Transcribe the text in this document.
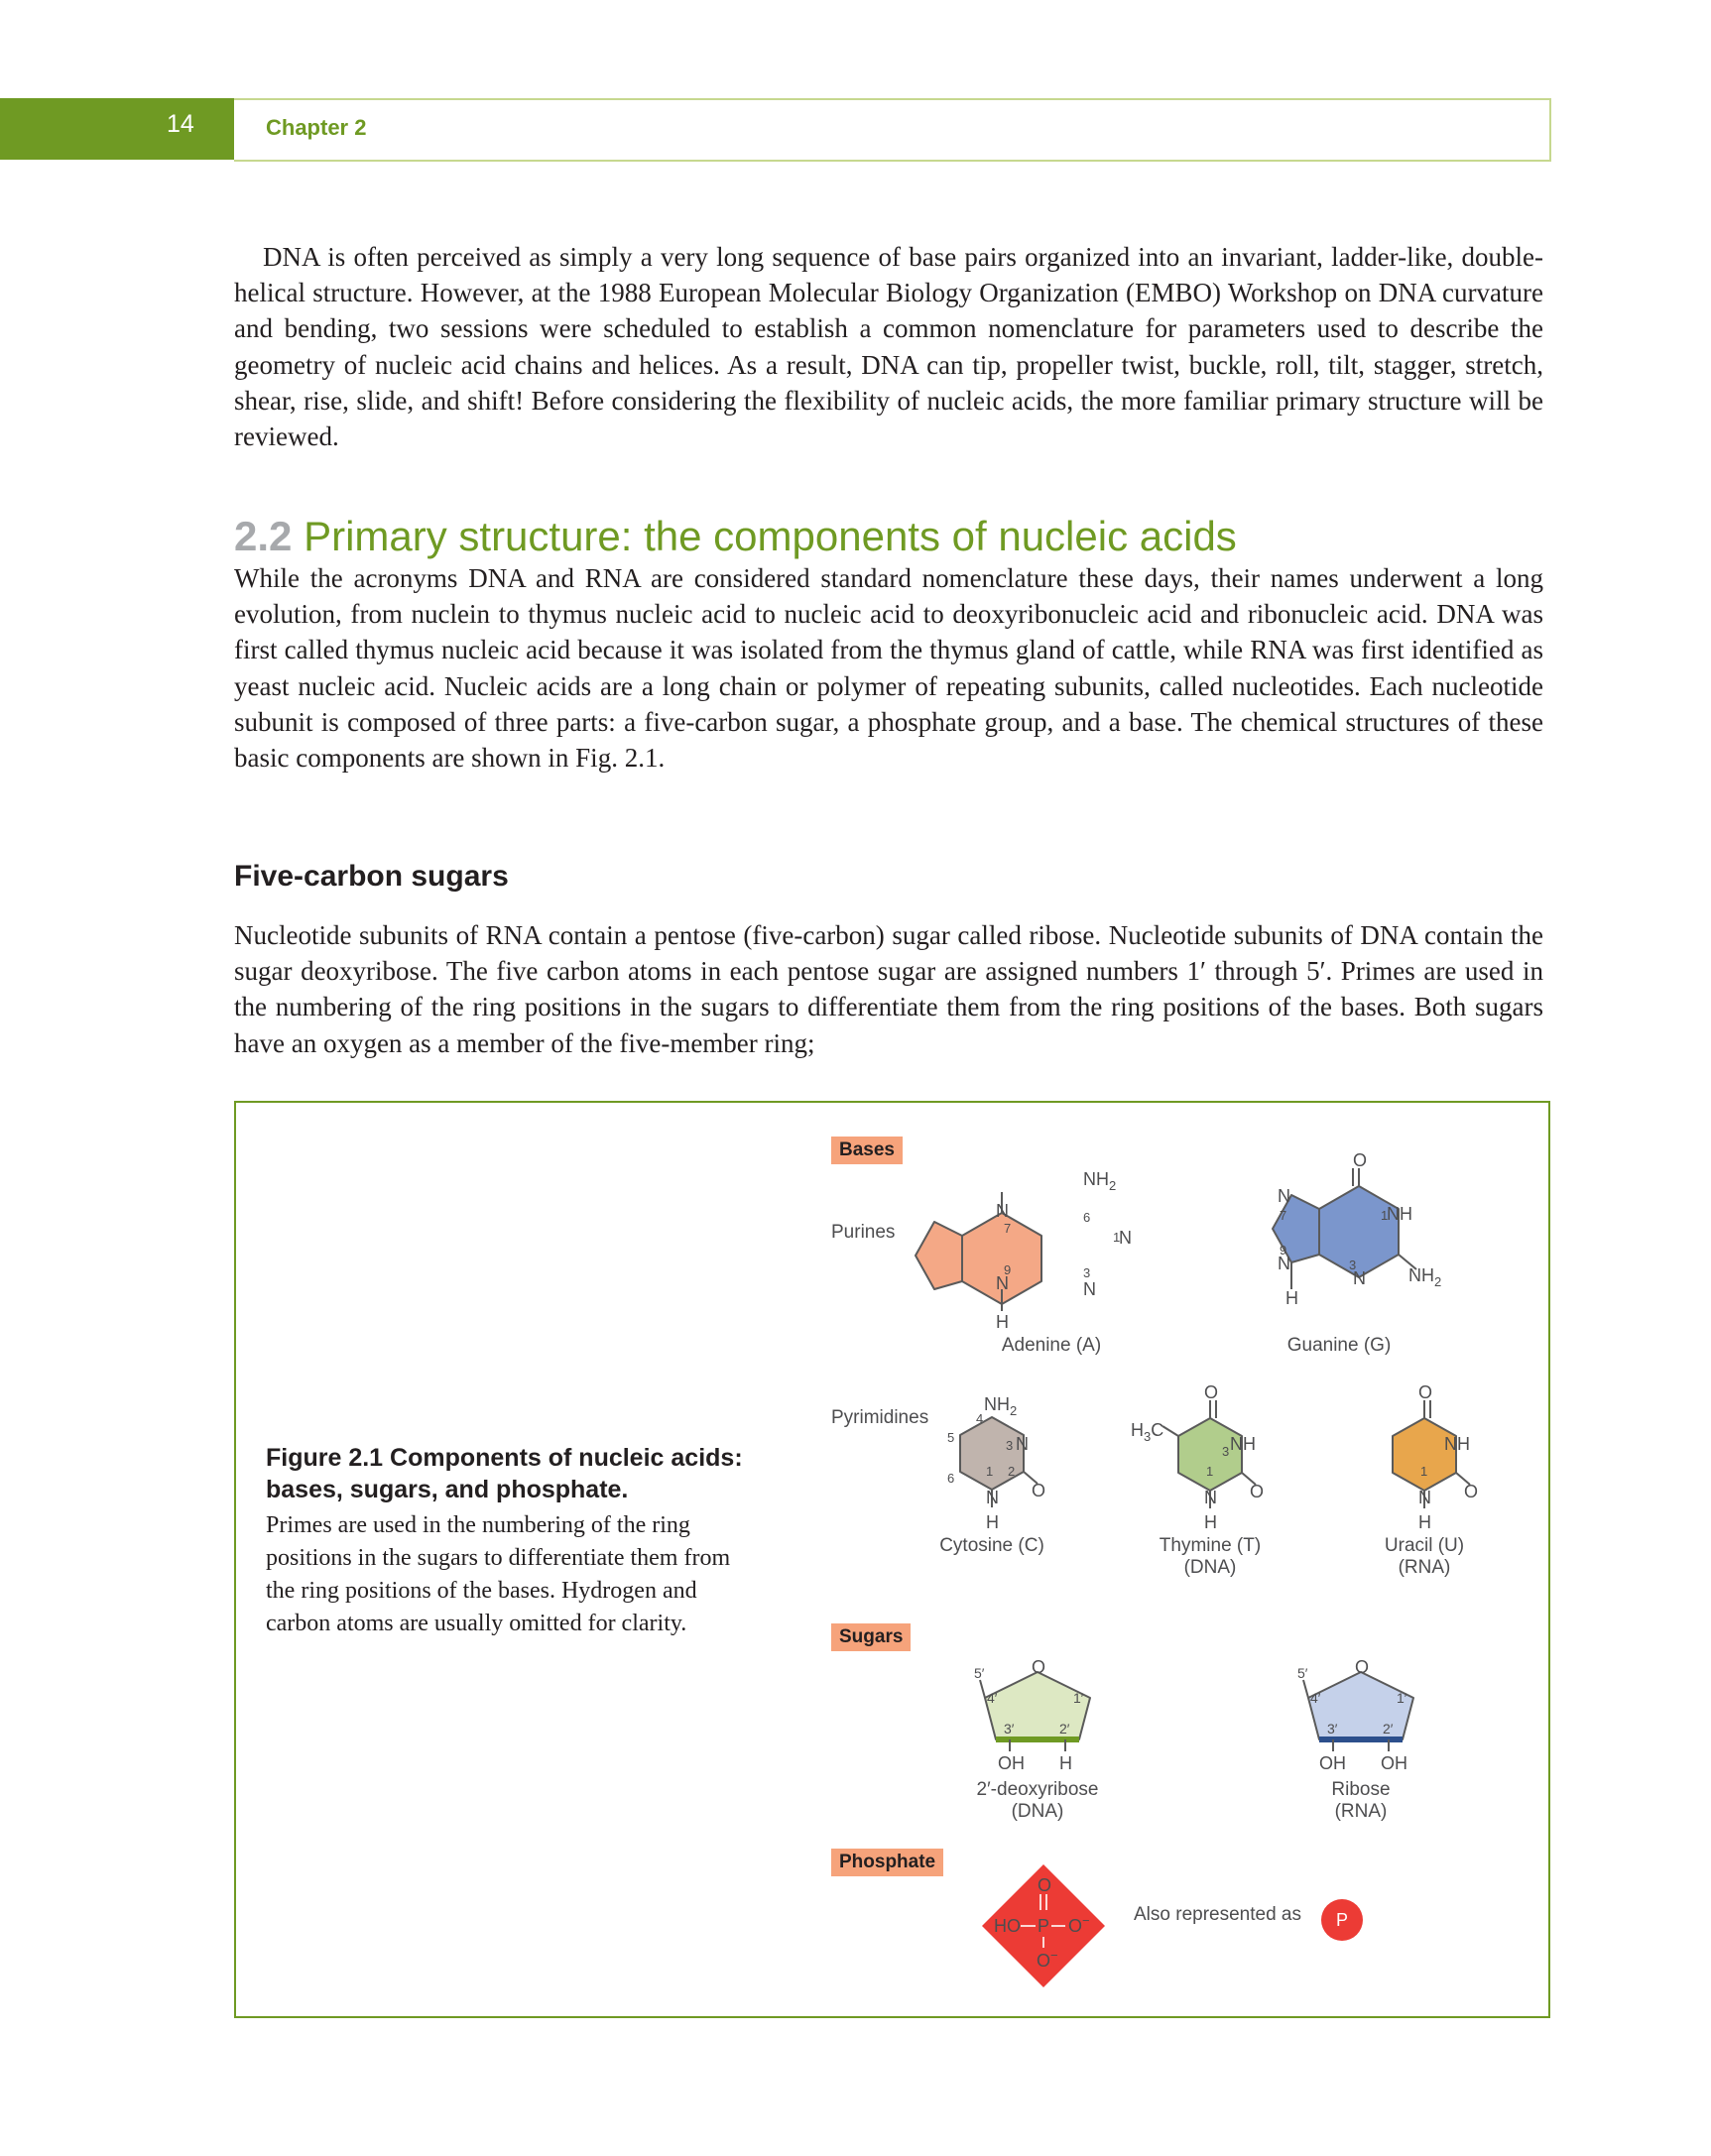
14	Chapter 2

DNA is often perceived as simply a very long sequence of base pairs organized into an invariant, ladder-like, double-helical structure. However, at the 1988 European Molecular Biology Organization (EMBO) Workshop on DNA curvature and bending, two sessions were scheduled to establish a common nomenclature for parameters used to describe the geometry of nucleic acid chains and helices. As a result, DNA can tip, propeller twist, buckle, roll, tilt, stagger, stretch, shear, rise, slide, and shift! Before considering the flexibility of nucleic acids, the more familiar primary structure will be reviewed.

2.2 Primary structure: the components of nucleic acids

While the acronyms DNA and RNA are considered standard nomenclature these days, their names underwent a long evolution, from nuclein to thymus nucleic acid to nucleic acid to deoxyribonucleic acid and ribonucleic acid. DNA was first called thymus nucleic acid because it was isolated from the thymus gland of cattle, while RNA was first identified as yeast nucleic acid. Nucleic acids are a long chain or polymer of repeating subunits, called nucleotides. Each nucleotide subunit is composed of three parts: a five-carbon sugar, a phosphate group, and a base. The chemical structures of these basic components are shown in Fig. 2.1.

Five-carbon sugars

Nucleotide subunits of RNA contain a pentose (five-carbon) sugar called ribose. Nucleotide subunits of DNA contain the sugar deoxyribose. The five carbon atoms in each pentose sugar are assigned numbers 1′ through 5′. Primes are used in the numbering of the ring positions in the sugars to differentiate them from the ring positions of the bases. Both sugars have an oxygen as a member of the five-member ring;

Figure 2.1 Components of nucleic acids: bases, sugars, and phosphate.

Primes are used in the numbering of the ring positions in the sugars to differentiate them from the ring positions of the bases. Hydrogen and carbon atoms are usually omitted for clarity.

Bases
Sugars
Phosphate
Purines
Pyrimidines
$NH_2$
N
N
N
N
H
6
7
9	3
1
O
N
NH
N
N
H
$NH_2$
7
9
3
1
$NH_2$
N
O
N
H
4
5
6
3
2
1
O
$H_3C$
NH
O
N
H
3
1
O
NH
O
N
H
1
O
5′
4′	1′
3′	2′
OH H
O
5′
4′	1′
3′	2′
OH OH
O
HO P O−
O−
P
Adenine (A)	Guanine (G)
Cytosine (C)	Thymine (T)
(DNA)
Uracil (U)
(RNA)
2′-deoxyribose
(DNA)
Ribose
(RNA)
Also represented as
